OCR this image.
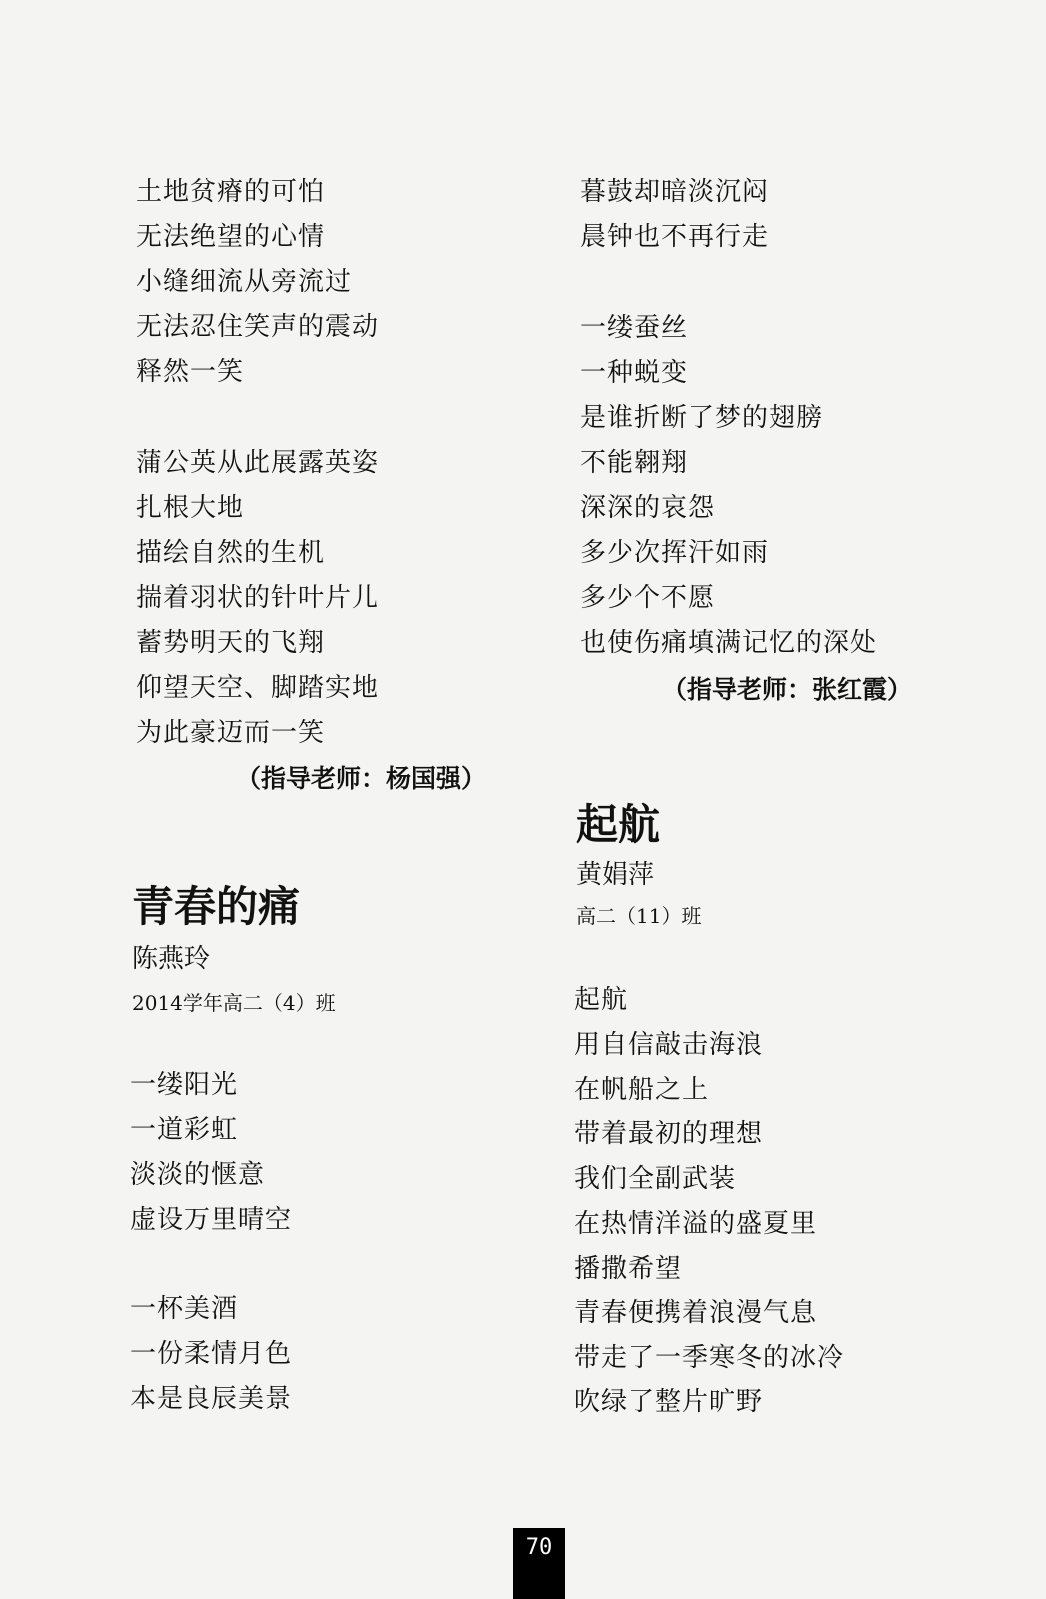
土地贫瘠的可怕
无法绝望的心情
小缝细流从旁流过
无法忍住笑声的震动
释然一笑
蒲公英从此展露英姿
扎根大地
描绘自然的生机
揣着羽状的针叶片儿
蓄势明天的飞翔
仰望天空、脚踏实地
为此豪迈而一笑
（指导老师：杨国强）
青春的痛
陈燕玲
2014学年高二（4）班
一缕阳光
一道彩虹
淡淡的惬意
虚设万里晴空
一杯美酒
一份柔情月色
本是良辰美景
暮鼓却暗淡沉闷
晨钟也不再行走
一缕蚕丝
一种蜕变
是谁折断了梦的翅膀
不能翱翔
深深的哀怨
多少次挥汗如雨
多少个不愿
也使伤痛填满记忆的深处
（指导老师：张红霞）
起航
黄娟萍
高二（11）班
起航
用自信敲击海浪
在帆船之上
带着最初的理想
我们全副武装
在热情洋溢的盛夏里
播撒希望
青春便携着浪漫气息
带走了一季寒冬的冰冷
吹绿了整片旷野
70
